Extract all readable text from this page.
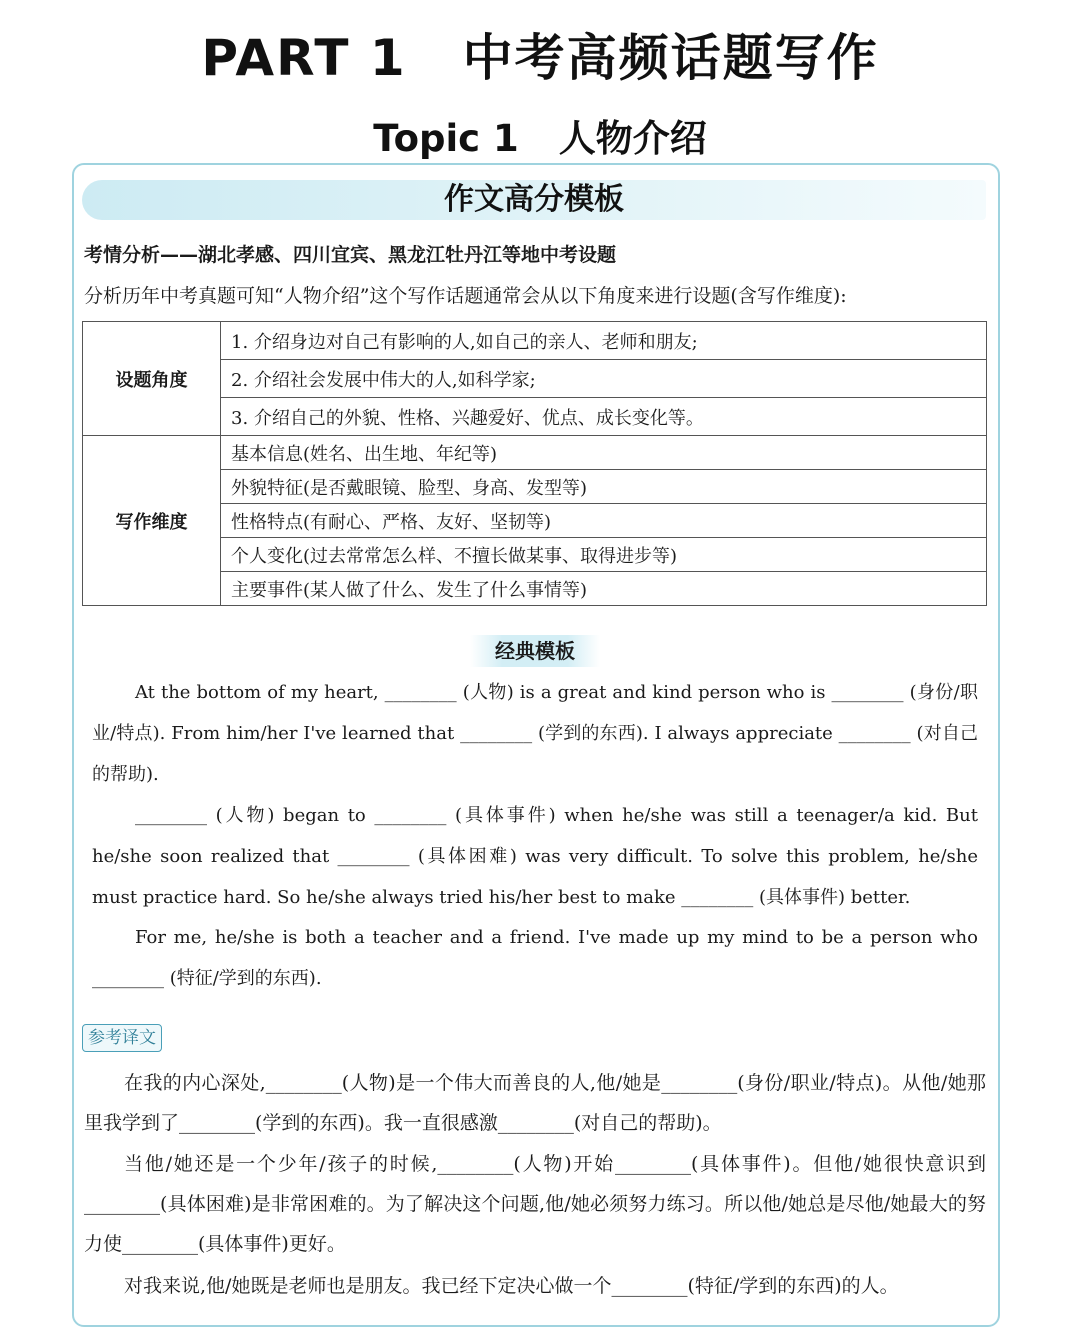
PART 1 中考高频话题写作
Topic 1 人物介绍
作文高分模板
考情分析——湖北孝感、四川宜宾、黑龙江牡丹江等地中考设题
分析历年中考真题可知“人物介绍”这个写作话题通常会从以下角度来进行设题(含写作维度):
设题角度	1. 介绍身边对自己有影响的人,如自己的亲人、老师和朋友;
	2. 介绍社会发展中伟大的人,如科学家;
	3. 介绍自己的外貌、性格、兴趣爱好、优点、成长变化等。
写作维度	基本信息(姓名、出生地、年纪等)
	外貌特征(是否戴眼镜、脸型、身高、发型等)
	性格特点(有耐心、严格、友好、坚韧等)
	个人变化(过去常常怎么样、不擅长做某事、取得进步等)
	主要事件(某人做了什么、发生了什么事情等)
经典模板
At the bottom of my heart, ________ (人物) is a great and kind person who is ________ (身份/职业/特点). From him/her I've learned that ________ (学到的东西). I always appreciate ________ (对自己的帮助).
________ (人物) began to ________ (具体事件) when he/she was still a teenager/a kid. But he/she soon realized that ________ (具体困难) was very difficult. To solve this problem, he/she must practice hard. So he/she always tried his/her best to make ________ (具体事件) better.
For me, he/she is both a teacher and a friend. I've made up my mind to be a person who ________ (特征/学到的东西).
参考译文
在我的内心深处,________(人物)是一个伟大而善良的人,他/她是________(身份/职业/特点)。从他/她那里我学到了________(学到的东西)。我一直很感激________(对自己的帮助)。
当他/她还是一个少年/孩子的时候,________(人物)开始________(具体事件)。但他/她很快意识到________(具体困难)是非常困难的。为了解决这个问题,他/她必须努力练习。所以他/她总是尽他/她最大的努力使________(具体事件)更好。
对我来说,他/她既是老师也是朋友。我已经下定决心做一个________(特征/学到的东西)的人。
